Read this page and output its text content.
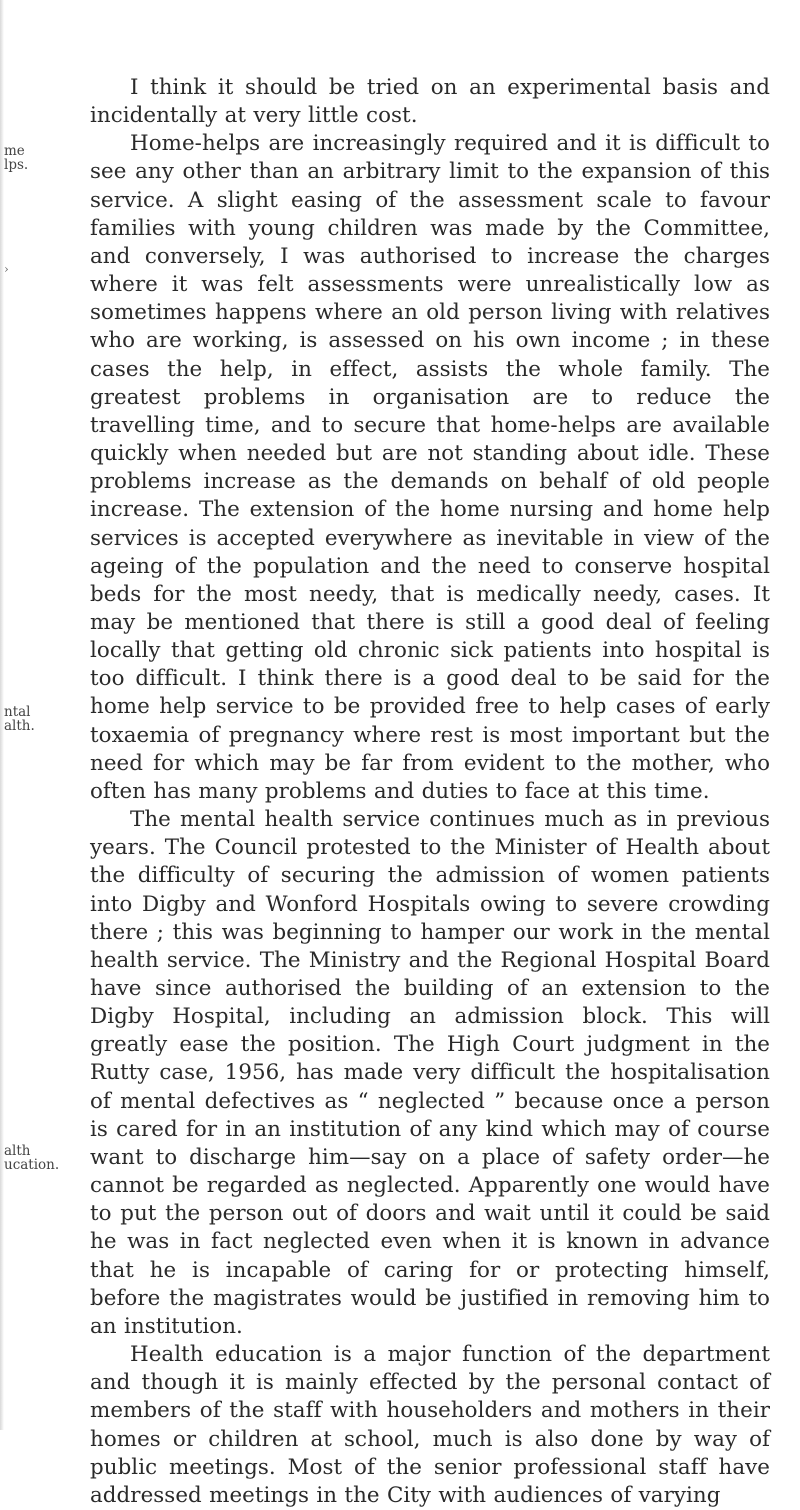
me
lps.
›
ntal
alth.
alth
ucation.

I think it should be tried on an experimental basis and incidentally at very little cost.

Home-helps are increasingly required and it is difficult to see any other than an arbitrary limit to the expansion of this service. A slight easing of the assessment scale to favour families with young children was made by the Committee, and conversely, I was authorised to increase the charges where it was felt assessments were unrealistically low as sometimes happens where an old person living with relatives who are working, is assessed on his own income ; in these cases the help, in effect, assists the whole family. The greatest problems in organisation are to reduce the travelling time, and to secure that home-helps are available quickly when needed but are not standing about idle. These problems increase as the demands on behalf of old people increase. The extension of the home nursing and home help services is accepted everywhere as inevitable in view of the ageing of the population and the need to conserve hospital beds for the most needy, that is medically needy, cases. It may be mentioned that there is still a good deal of feeling locally that getting old chronic sick patients into hospital is too difficult. I think there is a good deal to be said for the home help service to be provided free to help cases of early toxaemia of pregnancy where rest is most important but the need for which may be far from evident to the mother, who often has many problems and duties to face at this time.

The mental health service continues much as in previous years. The Council protested to the Minister of Health about the difficulty of securing the admission of women patients into Digby and Wonford Hospitals owing to severe crowding there ; this was beginning to hamper our work in the mental health service. The Ministry and the Regional Hospital Board have since authorised the building of an extension to the Digby Hospital, including an admission block. This will greatly ease the position. The High Court judgment in the Rutty case, 1956, has made very difficult the hospitalisation of mental defectives as “ neglected ” because once a person is cared for in an institution of any kind which may of course want to discharge him—say on a place of safety order—he cannot be regarded as neglected. Apparently one would have to put the person out of doors and wait until it could be said he was in fact neglected even when it is known in advance that he is incapable of caring for or protecting himself, before the magistrates would be justified in removing him to an institution.

Health education is a major function of the department and though it is mainly effected by the personal contact of members of the staff with householders and mothers in their homes or children at school, much is also done by way of public meetings. Most of the senior professional staff have addressed meetings in the City with audiences of varying
